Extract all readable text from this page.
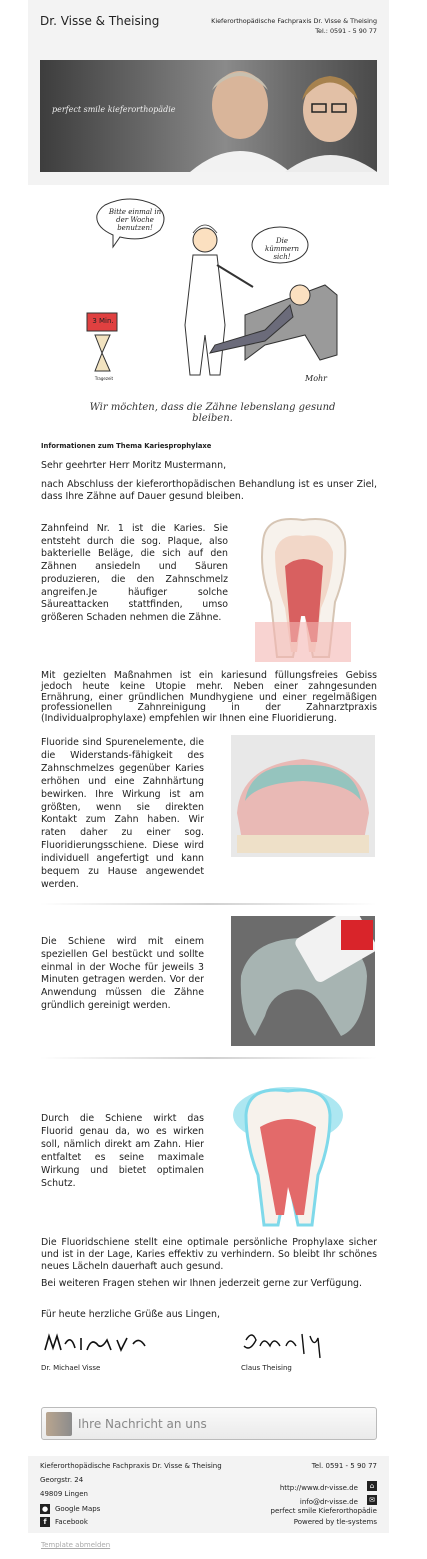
Dr. Visse & Theising	Kieferorthopädische Fachpraxis Dr. Visse & Theising
Tel.: 0591 - 5 90 77
perfect smile kieferorthopädie
Bitte einmal in der Woche benutzen!
Die kümmern sich!
3 Min.
Tragezeit	Mohr
Wir möchten, dass die Zähne lebenslang gesund bleiben.
Informationen zum Thema Kariesprophylaxe
Sehr geehrter Herr Moritz Mustermann,
nach Abschluss der kieferorthopädischen Behandlung ist es unser Ziel, dass Ihre Zähne auf Dauer gesund bleiben.
Zahnfeind Nr. 1 ist die Karies. Sie entsteht durch die sog. Plaque, also bakterielle Beläge, die sich auf den Zähnen ansiedeln und Säuren produzieren, die den Zahnschmelz angreifen.Je häufiger solche Säureattacken stattfinden, umso größeren Schaden nehmen die Zähne.
Mit gezielten Maßnahmen ist ein kariesund füllungsfreies Gebiss jedoch heute keine Utopie mehr. Neben einer zahngesunden Ernährung, einer gründlichen Mundhygiene und einer regelmäßigen professionellen Zahnreinigung in der Zahnarztpraxis (Individualprophylaxe) empfehlen wir Ihnen eine Fluoridierung.
Fluoride sind Spurenelemente, die die Widerstands-fähigkeit des Zahnschmelzes gegenüber Karies erhöhen und eine Zahnhärtung bewirken. Ihre Wirkung ist am größten, wenn sie direkten Kontakt zum Zahn haben. Wir raten daher zu einer sog. Fluoridierungsschiene. Diese wird individuell angefertigt und kann bequem zu Hause angewendet werden.
Die Schiene wird mit einem speziellen Gel bestückt und sollte einmal in der Woche für jeweils 3 Minuten getragen werden. Vor der Anwendung müssen die Zähne gründlich gereinigt werden.
Durch die Schiene wirkt das Fluorid genau da, wo es wirken soll, nämlich direkt am Zahn. Hier entfaltet es seine maximale Wirkung und bietet optimalen Schutz.
Die Fluoridschiene stellt eine optimale persönliche Prophylaxe sicher und ist in der Lage, Karies effektiv zu verhindern. So bleibt Ihr schönes neues Lächeln dauerhaft auch gesund.
Bei weiteren Fragen stehen wir Ihnen jederzeit gerne zur Verfügung.
Für heute herzliche Grüße aus Lingen,
Dr. Michael Visse	Claus Theising
Ihre Nachricht an uns
Kieferorthopädische Fachpraxis Dr. Visse & Theising
Georgstr. 24
49809 Lingen
● Google Maps
f	Facebook
Tel. 0591 - 5 90 77
http://www.dr-visse.de ⌂
info@dr-visse.de ✉
perfect smile Kieferorthopädie
Powered by tle-systems
Template abmelden
